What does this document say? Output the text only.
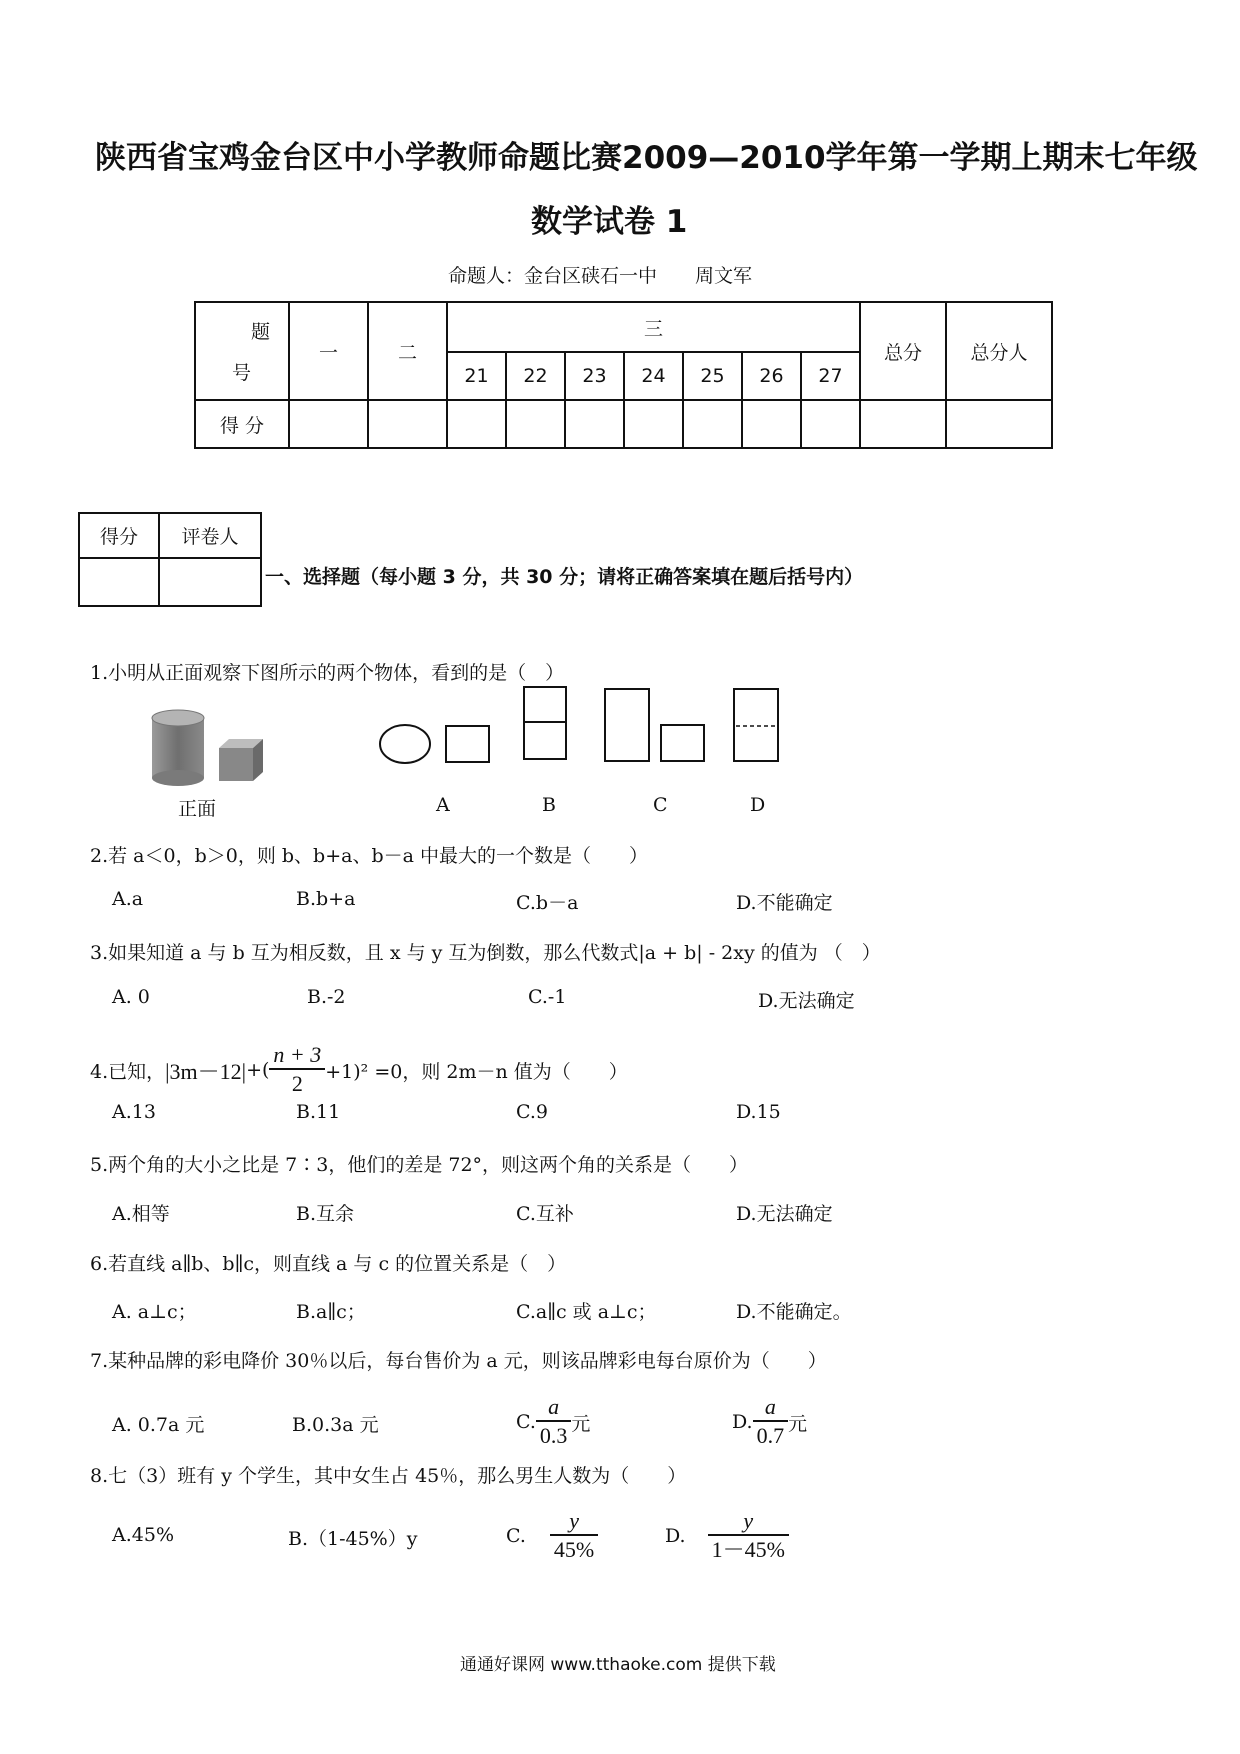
陕西省宝鸡金台区中小学教师命题比赛2009—2010学年第一学期上期末七年级
数学试卷 1
命题人：金台区硖石一中　　周文军
题
号	一	二	三							总分	总分人
			21	22	23	24	25	26	27		
得 分											
得分	评卷人

一、选择题（每小题 3 分，共 30 分；请将正确答案填在题后括号内）
1.小明从正面观察下图所示的两个物体，看到的是（　）
正面	A	B	C	D
2.若 a＜0，b＞0，则 b、b+a、b－a 中最大的一个数是（　　）
A.a	B.b+a	C.b－a	D.不能确定
3.如果知道 a 与 b 互为相反数，且 x 与 y 互为倒数，那么代数式|a + b| - 2xy 的值为 （　）
A. 0	B.-2	C.-1	D.无法确定
4.已知， |3m－12| +( $\frac{n + 3}{2} +1)^2 =0$，则 2m－n 值为（　　）
A.13	B.11	C.9	D.15
5.两个角的大小之比是 7∶3，他们的差是 72°，则这两个角的关系是（　　）
A.相等	B.互余	C.互补	D.无法确定
6.若直线 a∥b、b∥c，则直线 a 与 c 的位置关系是（　）
A. a⊥c；	B.a∥c；	C.a∥c 或 a⊥c；	D.不能确定。
7.某种品牌的彩电降价 30％以后，每台售价为 a 元，则该品牌彩电每台原价为（　　）
A. 0.7a 元	B.0.3a 元	C. $\frac{a}{0.3}$ 元	D. $\frac{a}{0.7}$ 元
8.七（3）班有 y 个学生，其中女生占 45％，那么男生人数为（　　）
A.45%	B.（1-45%）y	C. $\frac{y}{45\%}$	D. $\frac{y}{1-45\%}$
通通好课网 www.tthaoke.com 提供下载
